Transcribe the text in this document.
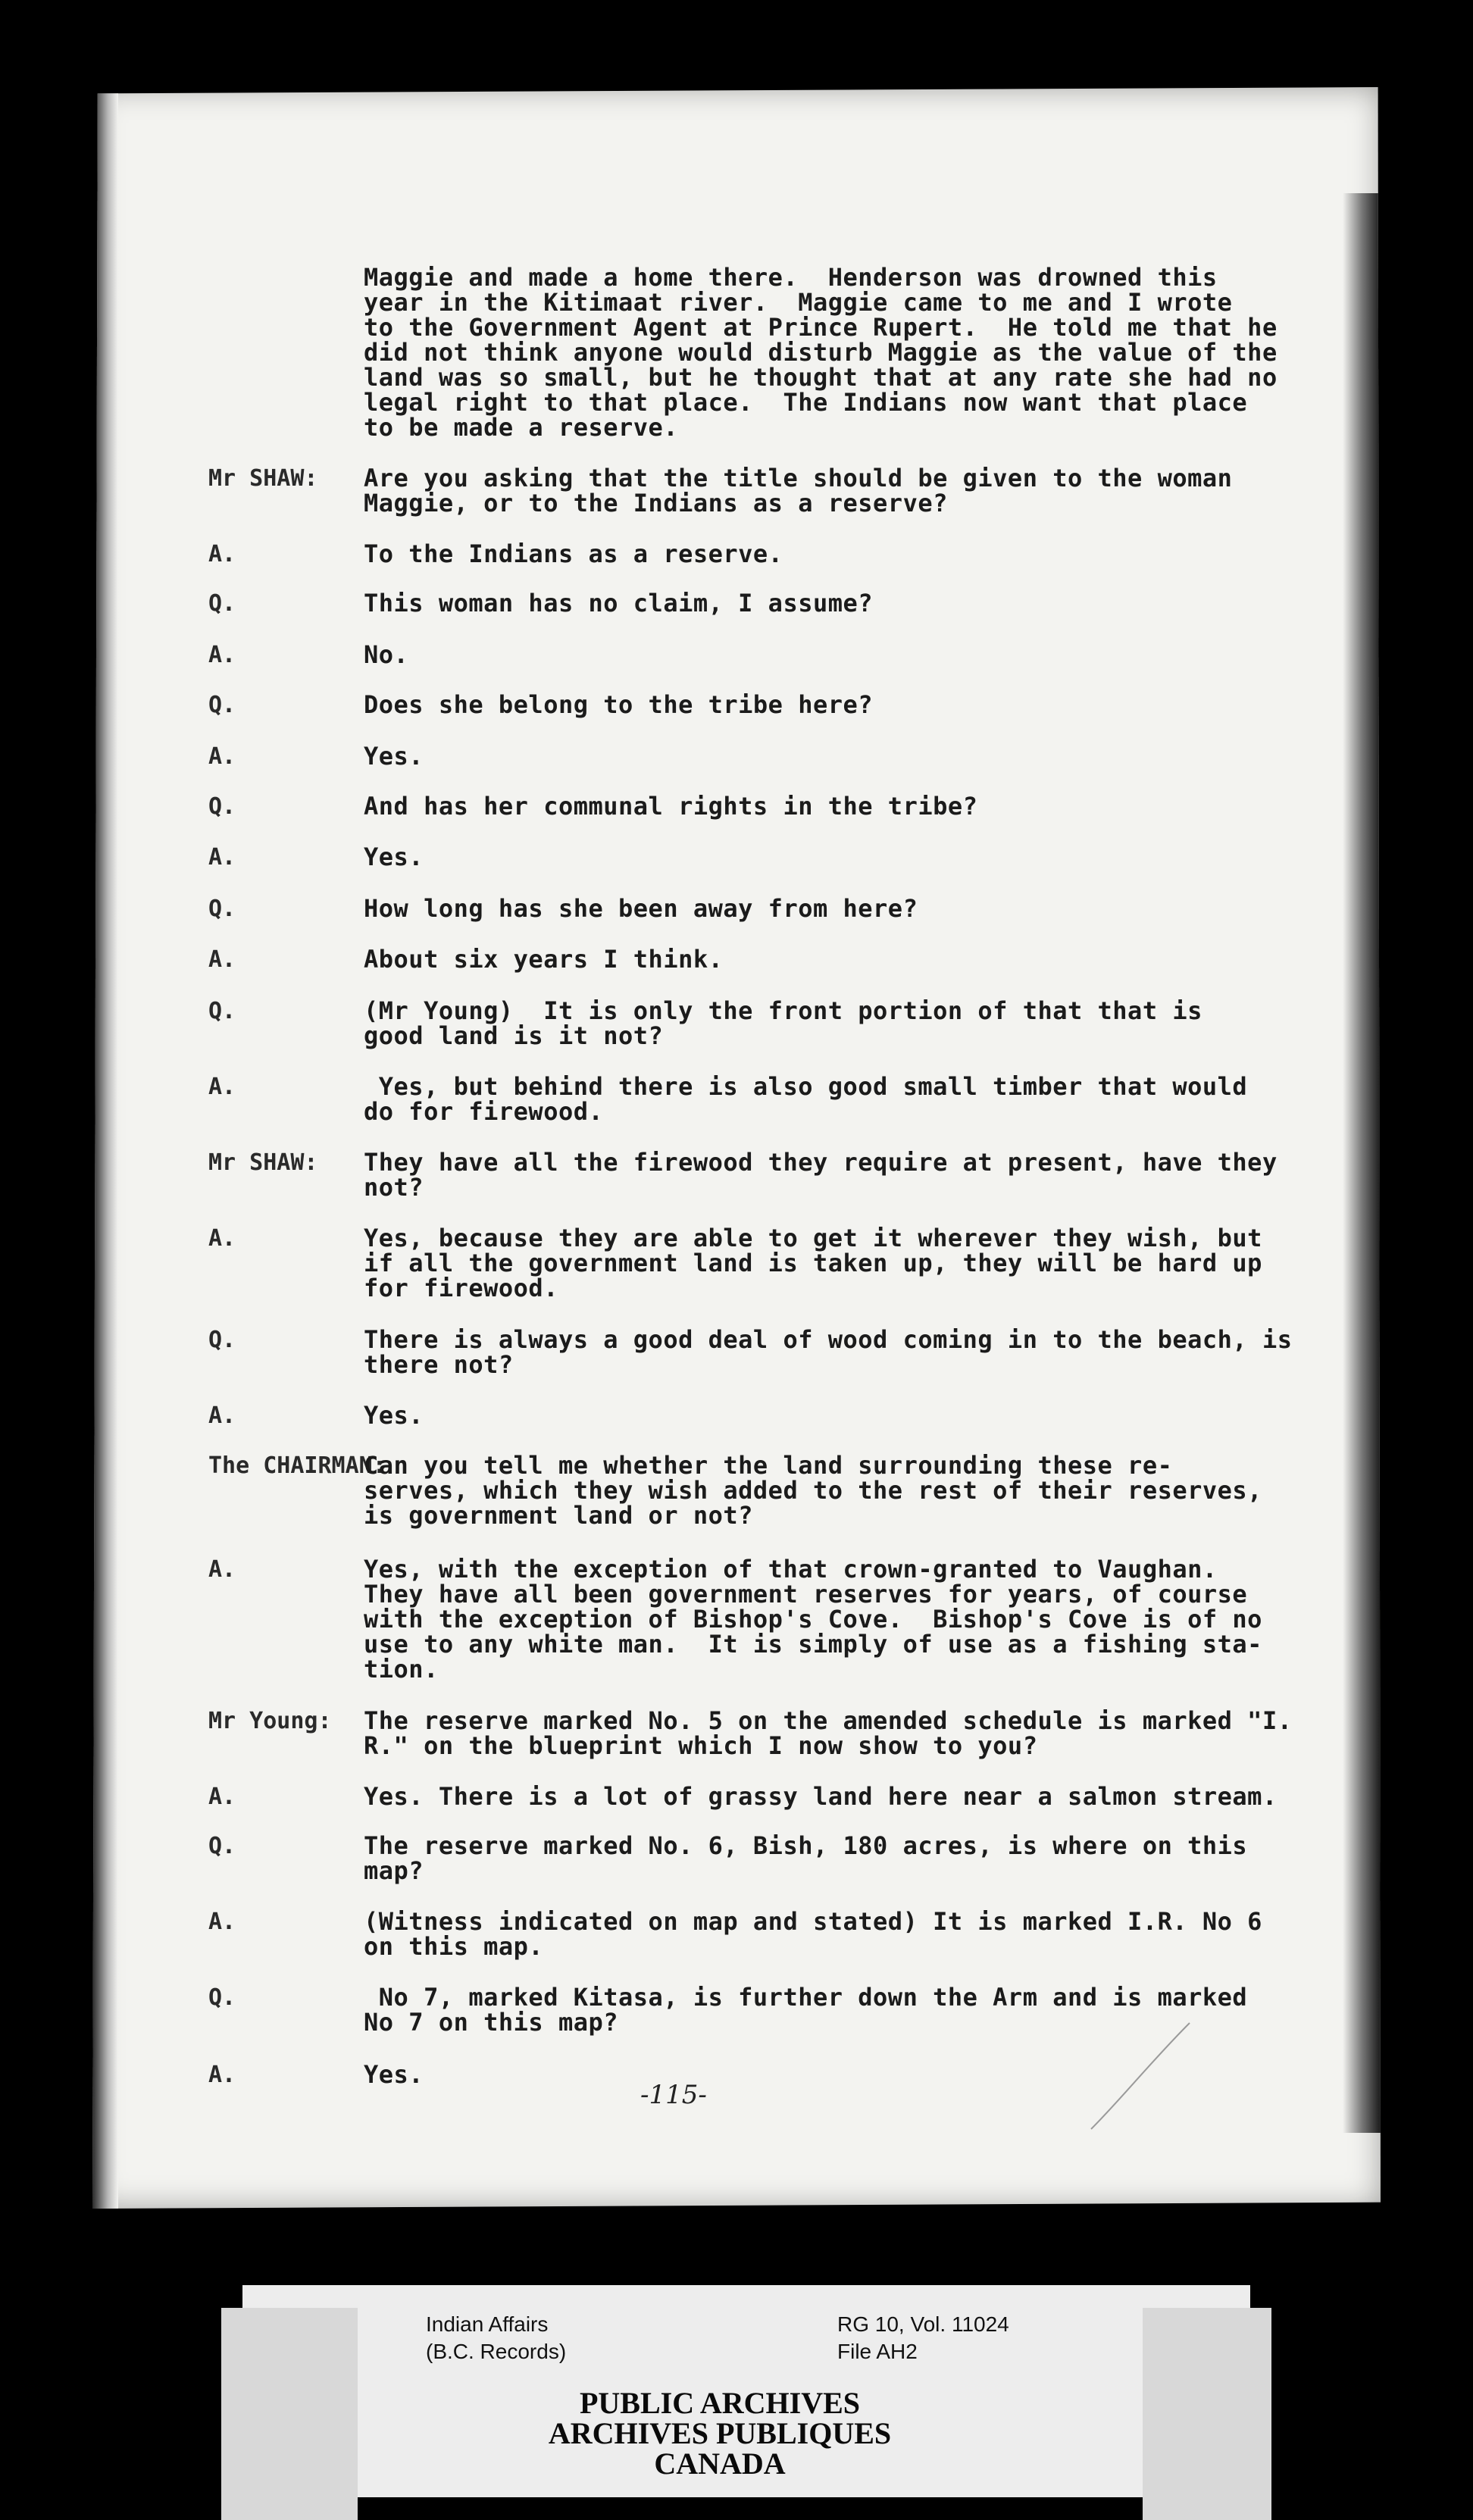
Maggie and made a home there.  Henderson was drowned this

year in the Kitimaat river.  Maggie came to me and I wrote

to the Government Agent at Prince Rupert.  He told me that he

did not think anyone would disturb Maggie as the value of the

land was so small, but he thought that at any rate she had no

legal right to that place.  The Indians now want that place

to be made a reserve.

Mr SHAW: Are you asking that the title should be given to the woman

Maggie, or to the Indians as a reserve?

A.	To the Indians as a reserve.

Q.	This woman has no claim, I assume?

A.	No.

Q.	Does she belong to the tribe here?

A.	Yes.

Q.	And has her communal rights in the tribe?

A.	Yes.

Q.	How long has she been away from here?

A.	About six years I think.

Q.	(Mr Young)  It is only the front portion of that that is

good land is it not?

A.	Yes, but behind there is also good small timber that would

do for firewood.

Mr SHAW: They have all the firewood they require at present, have they

not?

A.	Yes, because they are able to get it wherever they wish, but

if all the government land is taken up, they will be hard up

for firewood.

Q.	There is always a good deal of wood coming in to the beach, is

there not?

A.	Yes.

The CHAIRMAN:

Can you tell me whether the land surrounding these re-

serves, which they wish added to the rest of their reserves,

is government land or not?

A.	Yes, with the exception of that crown-granted to Vaughan.

They have all been government reserves for years, of course

with the exception of Bishop's Cove.  Bishop's Cove is of no

use to any white man.  It is simply of use as a fishing sta-

tion.

Mr Young: The reserve marked No. 5 on the amended schedule is marked "I.

R." on the blueprint which I now show to you?

A.	Yes. There is a lot of grassy land here near a salmon stream.

Q.	The reserve marked No. 6, Bish, 180 acres, is where on this

map?

A.	(Witness indicated on map and stated) It is marked I.R. No 6

on this map.

Q.	No 7, marked Kitasa, is further down the Arm and is marked

No 7 on this map?

A.	Yes.

-115-

Indian Affairs

(B.C. Records)

RG 10, Vol. 11024

File AH2

PUBLIC ARCHIVES

ARCHIVES PUBLIQUES

CANADA
